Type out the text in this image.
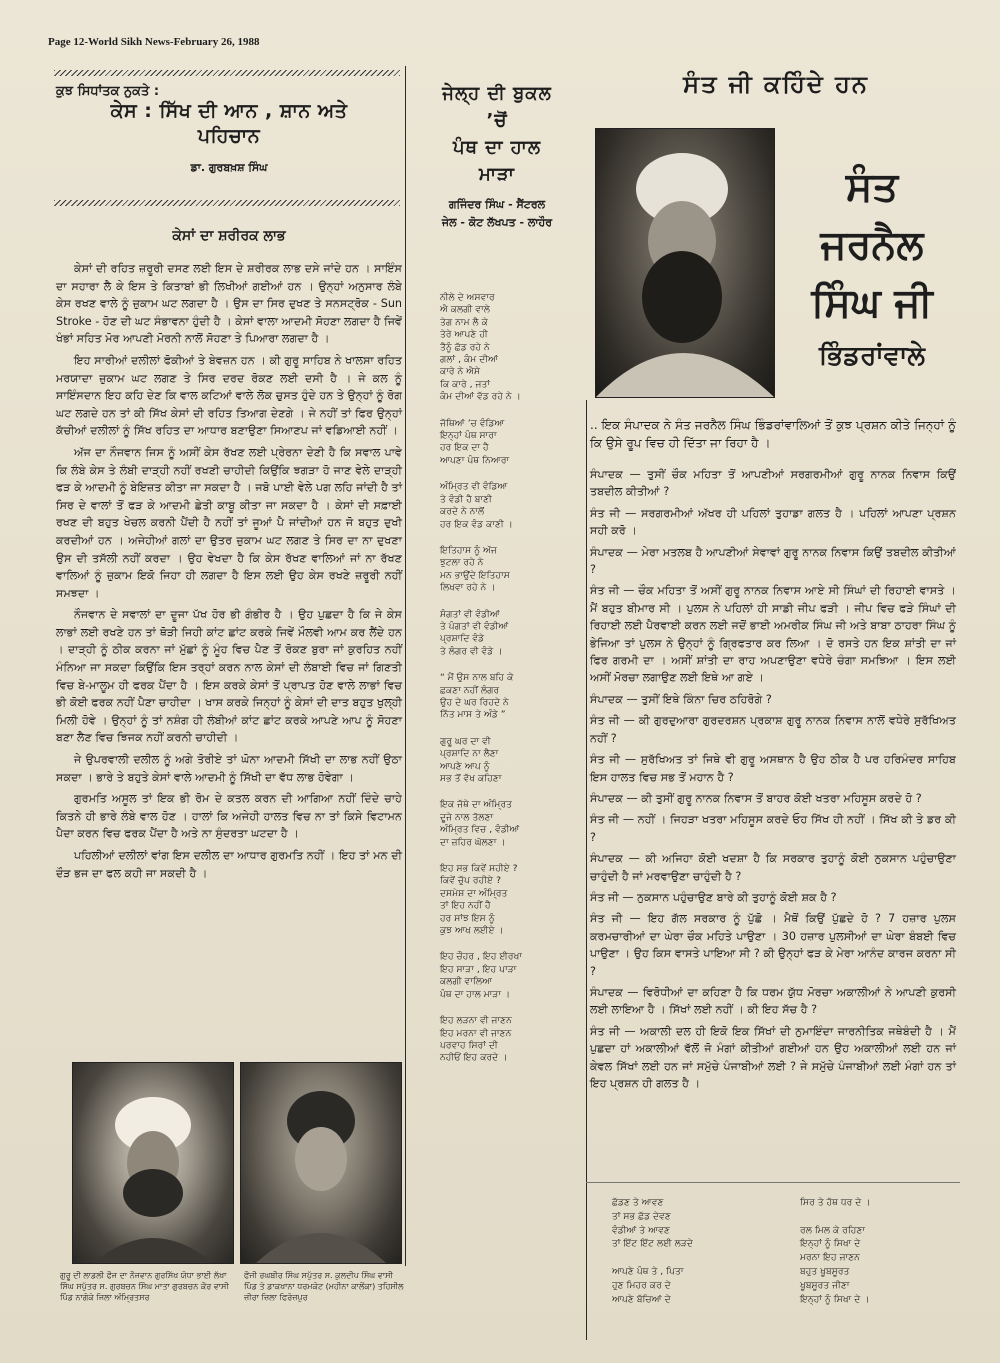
Page 12-World Sikh News-February 26, 1988
ਕੁਝ ਸਿਧਾਂਤਕ ਨੁਕਤੇ :
ਕੇਸ : ਸਿੱਖ ਦੀ ਆਨ , ਸ਼ਾਨ ਅਤੇ
ਪਹਿਚਾਨ
ਡਾ. ਗੁਰਬਖ਼ਸ਼ ਸਿੰਘ
ਕੇਸਾਂ ਦਾ ਸ਼ਰੀਰਕ ਲਾਭ

ਕੇਸਾਂ ਦੀ ਰਹਿਤ ਜ਼ਰੂਰੀ ਦਸਣ ਲਈ ਇਸ ਦੇ ਸ਼ਰੀਰਕ ਲਾਭ ਦਸੇ ਜਾਂਦੇ ਹਨ । ਸਾਇੰਸ ਦਾ ਸਹਾਰਾ ਲੈ ਕੇ ਇਸ ਤੇ ਕਿਤਾਬਾਂ ਭੀ ਲਿਖੀਆਂ ਗਈਆਂ ਹਨ । ਉਨ੍ਹਾਂ ਅਨੁਸਾਰ ਲੰਬੇ ਕੇਸ ਰਖਣ ਵਾਲੇ ਨੂੰ ਜ਼ੁਕਾਮ ਘਟ ਲਗਦਾ ਹੈ । ਉਸ ਦਾ ਸਿਰ ਦੁਖਣ ਤੇ ਸਨਸਟ੍ਰੋਕ - Sun Stroke - ਹੋਣ ਦੀ ਘਟ ਸੰਭਾਵਨਾ ਹੁੰਦੀ ਹੈ । ਕੇਸਾਂ ਵਾਲਾ ਆਦਮੀ ਸੋਹਣਾ ਲਗਦਾ ਹੈ ਜਿਵੇਂ ਖੰਭਾਂ ਸਹਿਤ ਮੋਰ ਆਪਣੀ ਮੋਰਨੀ ਨਾਲੋਂ ਸੋਹਣਾ ਤੇ ਪਿਆਰਾ ਲਗਦਾ ਹੈ ।

ਇਹ ਸਾਰੀਆਂ ਦਲੀਲਾਂ ਫੋਕੀਆਂ ਤੇ ਬੇਵਜ਼ਨ ਹਨ । ਕੀ ਗੁਰੂ ਸਾਹਿਬ ਨੇ ਖਾਲਸਾ ਰਹਿਤ ਮਰਯਾਦਾ ਜ਼ੁਕਾਮ ਘਟ ਲਗਣ ਤੇ ਸਿਰ ਦਰਦ ਰੋਕਣ ਲਈ ਦਸੀ ਹੈ । ਜੇ ਕਲ ਨੂੰ ਸਾਇੰਸਦਾਨ ਇਹ ਕਹਿ ਦੇਣ ਕਿ ਵਾਲ ਕਟਿਆਂ ਵਾਲੇ ਲੋਕ ਚੁਸਤ ਹੁੰਦੇ ਹਨ ਤੇ ਉਨ੍ਹਾਂ ਨੂੰ ਰੋਗ ਘਟ ਲਗਦੇ ਹਨ ਤਾਂ ਕੀ ਸਿੱਖ ਕੇਸਾਂ ਦੀ ਰਹਿਤ ਤਿਆਗ ਦੇਣਗੇ । ਜੇ ਨਹੀਂ ਤਾਂ ਫਿਰ ਉਨ੍ਹਾਂ ਕੱਚੀਆਂ ਦਲੀਲਾਂ ਨੂੰ ਸਿੱਖ ਰਹਿਤ ਦਾ ਆਧਾਰ ਬਣਾਉਣਾ ਸਿਆਣਪ ਜਾਂ ਵਡਿਆਈ ਨਹੀਂ ।

ਅੱਜ ਦਾ ਨੌਜਵਾਨ ਜਿਸ ਨੂੰ ਅਸੀਂ ਕੇਸ ਰੱਖਣ ਲਈ ਪ੍ਰੇਰਨਾ ਦੇਣੀ ਹੈ ਕਿ ਸਵਾਲ ਪਾਵੇ ਕਿ ਲੰਬੇ ਕੇਸ ਤੇ ਲੰਬੀ ਦਾੜ੍ਹੀ ਨਹੀਂ ਰਖਣੀ ਚਾਹੀਦੀ ਕਿਉਂਕਿ ਝਗੜਾ ਹੋ ਜਾਣ ਵੇਲੇ ਦਾੜ੍ਹੀ ਫੜ ਕੇ ਆਦਮੀ ਨੂੰ ਬੇਇਜ਼ਤ ਕੀਤਾ ਜਾ ਸਕਦਾ ਹੈ । ਜਬੋ ਪਾਈ ਵੇਲੇ ਪਗ ਲਹਿ ਜਾਂਦੀ ਹੈ ਤਾਂ ਸਿਰ ਦੇ ਵਾਲਾਂ ਤੋਂ ਫੜ ਕੇ ਆਦਮੀ ਛੇਤੀ ਕਾਬੂ ਕੀਤਾ ਜਾ ਸਕਦਾ ਹੈ । ਕੇਸਾਂ ਦੀ ਸਫ਼ਾਈ ਰਖਣ ਦੀ ਬਹੁਤ ਖੇਚਲ ਕਰਨੀ ਪੈਂਦੀ ਹੈ ਨਹੀਂ ਤਾਂ ਜੂਆਂ ਪੈ ਜਾਂਦੀਆਂ ਹਨ ਜੋ ਬਹੁਤ ਦੁਖੀ ਕਰਦੀਆਂ ਹਨ । ਅਜੇਹੀਆਂ ਗਲਾਂ ਦਾ ਉਤਰ ਜ਼ੁਕਾਮ ਘਟ ਲਗਣ ਤੇ ਸਿਰ ਦਾ ਨਾ ਦੁਖਣਾ ਉਸ ਦੀ ਤਸੱਲੀ ਨਹੀਂ ਕਰਦਾ । ਉਹ ਵੇਖਦਾ ਹੈ ਕਿ ਕੇਸ ਰੱਖਣ ਵਾਲਿਆਂ ਜਾਂ ਨਾ ਰੱਖਣ ਵਾਲਿਆਂ ਨੂੰ ਜ਼ੁਕਾਮ ਇਕੋ ਜਿਹਾ ਹੀ ਲਗਦਾ ਹੈ ਇਸ ਲਈ ਉਹ ਕੇਸ ਰਖਣੇ ਜ਼ਰੂਰੀ ਨਹੀਂ ਸਮਝਦਾ ।

ਨੌਜਵਾਨ ਦੇ ਸਵਾਲਾਂ ਦਾ ਦੂਜਾ ਪੱਖ ਹੋਰ ਭੀ ਗੰਭੀਰ ਹੈ । ਉਹ ਪੁਛਦਾ ਹੈ ਕਿ ਜੇ ਕੇਸ ਲਾਭਾਂ ਲਈ ਰਖਣੇ ਹਨ ਤਾਂ ਥੋੜੀ ਜਿਹੀ ਕਾਂਟ ਛਾਂਟ ਕਰਕੇ ਜਿਵੇਂ ਮੌਲਵੀ ਆਮ ਕਰ ਲੈਂਦੇ ਹਨ । ਦਾੜ੍ਹੀ ਨੂੰ ਠੀਕ ਕਰਨਾ ਜਾਂ ਮੁੱਛਾਂ ਨੂੰ ਮੂੰਹ ਵਿਚ ਪੈਣ ਤੋਂ ਰੋਕਣ ਬੁਰਾ ਜਾਂ ਕੁਰਹਿਤ ਨਹੀਂ ਮੰਨਿਆ ਜਾ ਸਕਦਾ ਕਿਉਂਕਿ ਇਸ ਤਰ੍ਹਾਂ ਕਰਨ ਨਾਲ ਕੇਸਾਂ ਦੀ ਲੰਬਾਈ ਵਿਚ ਜਾਂ ਗਿਣਤੀ ਵਿਚ ਬੇ-ਮਾਲੂਮ ਹੀ ਫਰਕ ਪੈਂਦਾ ਹੈ । ਇਸ ਕਰਕੇ ਕੇਸਾਂ ਤੋਂ ਪ੍ਰਾਪਤ ਹੋਣ ਵਾਲੇ ਲਾਭਾਂ ਵਿਚ ਭੀ ਕੋਈ ਫਰਕ ਨਹੀਂ ਪੈਣਾ ਚਾਹੀਦਾ । ਖਾਸ ਕਰਕੇ ਜਿਨ੍ਹਾਂ ਨੂੰ ਕੇਸਾਂ ਦੀ ਦਾਤ ਬਹੁਤ ਖੁਲ੍ਹੀ ਮਿਲੀ ਹੋਵੇ । ਉਨ੍ਹਾਂ ਨੂੰ ਤਾਂ ਨਸ਼ੰਗ ਹੀ ਲੰਬੀਆਂ ਕਾਂਟ ਛਾਂਟ ਕਰਕੇ ਆਪਣੇ ਆਪ ਨੂੰ ਸੋਹਣਾ ਬਣਾ ਲੈਣ ਵਿਚ ਝਿਜਕ ਨਹੀਂ ਕਰਨੀ ਚਾਹੀਦੀ ।

ਜੇ ਉਪਰਵਾਲੀ ਦਲੀਲ ਨੂੰ ਅਗੇ ਤੋਰੀਏ ਤਾਂ ਘੋਨਾ ਆਦਮੀ ਸਿੱਖੀ ਦਾ ਲਾਭ ਨਹੀਂ ਉਠਾ ਸਕਦਾ । ਭਾਰੇ ਤੇ ਬਹੁਤੇ ਕੇਸਾਂ ਵਾਲੇ ਆਦਮੀ ਨੂੰ ਸਿੱਖੀ ਦਾ ਵੱਧ ਲਾਭ ਹੋਵੇਗਾ ।

ਗੁਰਮਤਿ ਅਸੂਲ ਤਾਂ ਇਕ ਭੀ ਰੋਮ ਦੇ ਕਤਲ ਕਰਨ ਦੀ ਆਗਿਆ ਨਹੀਂ ਦਿੰਦੇ ਚਾਹੇ ਕਿਤਨੇ ਹੀ ਭਾਰੇ ਲੰਬੇ ਵਾਲ ਹੋਣ । ਹਾਲਾਂ ਕਿ ਅਜੇਹੀ ਹਾਲਤ ਵਿਚ ਨਾ ਤਾਂ ਕਿਸੇ ਵਿਟਾਮਨ ਪੈਦਾ ਕਰਨ ਵਿਚ ਫਰਕ ਪੈਂਦਾ ਹੈ ਅਤੇ ਨਾ ਸੁੰਦਰਤਾ ਘਟਦਾ ਹੈ ।

ਪਹਿਲੀਆਂ ਦਲੀਲਾਂ ਵਾਂਗ ਇਸ ਦਲੀਲ ਦਾ ਆਧਾਰ ਗੁਰਮਤਿ ਨਹੀਂ । ਇਹ ਤਾਂ ਮਨ ਦੀ ਦੌੜ ਭਜ ਦਾ ਫਲ ਕਹੀ ਜਾ ਸਕਦੀ ਹੈ ।

ਗੁਰੂ ਦੀ ਲਾਡਲੀ ਫੌਜ ਦਾ ਨੌਜਵਾਨ ਗੁਰਸਿੱਖ ਯੋਧਾ ਭਾਈ ਲੱਖਾ ਸਿੰਘ ਸਪੁੱਤਰ ਸ. ਗੁਰਬਚਨ ਸਿੰਘ ਮਾਤਾ ਗੁਰਬਚਨ ਕੌਰ ਵਾਸੀ ਪਿੰਡ ਨਾਗੋਕੇ ਜਿਲਾ ਅੰਮ੍ਰਿਤਸਰ
ਫੌਜੀ ਰਘਬੀਰ ਸਿੰਘ ਸਪੁੱਤਰ ਸ. ਕੁਲਦੀਪ ਸਿੰਘ ਵਾਸੀ ਪਿੰਡ ਤੇ ਡਾਕਖਾਨਾ ਧਰਮਕੋਟ (ਮਹੀਨਾ ਕਾਲੋਂਕਾ) ਤਹਿਸੀਲ ਜ਼ੀਰਾ ਜ਼ਿਲਾ ਫਿਰੋਜ਼ਪੁਰ
ਜੇਲ੍ਹ ਦੀ ਬੁਕਲ
’ਚੋਂ
ਪੰਥ ਦਾ ਹਾਲ
ਮਾੜਾ
ਗਜਿੰਦਰ ਸਿੰਘ - ਸੈਂਟਰਲ
ਜੇਲ - ਕੋਟ ਲੱਖਪਤ - ਲਾਹੌਰ

ਨੀਲੇ ਦੇ ਅਸਵਾਰ
ਐ ਕਲਗੀ ਵਾਲੇ
ਤੇਗ ਨਾਮ ਲੈ ਕੇ
ਤੇਰੇ ਆਪਣੇ ਹੀ
ਤੈਨੂੰ ਛੱਡ ਰਹੇ ਨੇ
ਗਲਾਂ , ਕੰਮ ਦੀਆਂ
ਕਾਰੇ ਨੇ ਐਸੇ
ਕਿ ਕਾਰੇ , ਜਤਾਂ
ਕੰਮ ਦੀਆਂ ਵੱਡ ਰਹੇ ਨੇ ।

ਜੱਥਿਆਂ ’ਚ ਵੰਡਿਆ
ਇਨ੍ਹਾਂ ਪੰਥ ਸਾਰਾ
ਹਰ ਇਕ ਦਾ ਹੈ
ਆਪਣਾ ਪੰਥ ਨਿਆਰਾ

ਅੰਮ੍ਰਿਤ ਵੀ ਵੰਡਿਆ
ਤੇ ਵੰਡੀ ਹੈ ਬਾਣੀ
ਕਰਦੇ ਨੇ ਨਾਲੋਂ
ਹਰ ਇਕ ਵੰਡ ਕਾਣੀ ।

ਇਤਿਹਾਸ ਨੂੰ ਅੱਜ
ਝੁਟਲਾ ਰਹੇ ਨੇ
ਮਨ ਭਾਉਂਦੇ ਇਤਿਹਾਸ
ਲਿਖਵਾ ਰਹੇ ਨੇ ।

ਸੰਗਤਾਂ ਵੀ ਵੰਡੀਆਂ
ਤੇ ਪੰਗਤਾਂ ਵੀ ਵੰਡੀਆਂ
ਪ੍ਰਸ਼ਾਦਿ ਵੰਡੇ
ਤੇ ਲੰਗਰ ਵੀ ਵੰਡੇ ।

“ ਮੈਂ ਉਸ ਨਾਲ ਬਹਿ ਕੇ
ਛਕਣਾ ਨਹੀਂ ਲੰਗਰ
ਉਹ ਦੇ ਘਰ ਰਿਹਦੇ ਨੇ
ਨਿੱਤ ਮਾਸ ਤੇ ਅੰਡੇ ”

ਗੁਰੂ ਘਰ ਦਾ ਵੀ
ਪ੍ਰਸ਼ਾਦਿ ਨਾ ਲੈਣਾ
ਆਪਣੇ ਆਪ ਨੂੰ
ਸਭ ਤੋਂ ਵੱਖ ਕਹਿਣਾ

ਇਕ ਜੱਥੇ ਦਾ ਅੰਮ੍ਰਿਤ
ਦੂਜੇ ਨਾਲ ਤੋਲਣਾ
ਅੰਮ੍ਰਿਤ ਵਿਚ , ਵੰਡੀਆਂ
ਦਾ ਜ਼ਹਿਰ ਘੋਲਣਾ ।

ਇਹ ਸਭ ਕਿਵੇਂ ਸਹੀਏ ?
ਕਿਵੇਂ ਚੁੱਪ ਰਹੀਏ ?
ਦਸਮੇਸ਼ ਦਾ ਅੰਮ੍ਰਿਤ
ਤਾਂ ਇਹ ਨਹੀਂ ਹੈ
ਹਰ ਸਾਂਝ ਇਸ ਨੂੰ
ਕੁਝ ਆਖ ਲਈਏ ।

ਇਹ ਚੌਹਰ , ਇਹ ਈਰਖਾ
ਇਹ ਸਾੜਾ , ਇਹ ਪਾੜਾ
ਕਲਗੀ ਵਾਲਿਆ
ਪੰਥ ਦਾ ਹਾਲ ਮਾੜਾ ।

ਇਹ ਲੜਨਾ ਵੀ ਜਾਣਨ
ਇਹ ਮਰਨਾ ਵੀ ਜਾਣਨ
ਪਰਵਾਹ ਸਿਰਾਂ ਦੀ
ਨਹੀਓਂ ਇਹ ਕਰਦੇ ।

ਸੰਤ ਜੀ ਕਹਿੰਦੇ ਹਨ
ਸੰਤ
ਜਰਨੈਲ
ਸਿੰਘ ਜੀ
ਭਿੰਡਰਾਂਵਾਲੇ

.. ਇਕ ਸੰਪਾਦਕ ਨੇ ਸੰਤ ਜਰਨੈਲ ਸਿੰਘ ਭਿੰਡਰਾਂਵਾਲਿਆਂ ਤੋਂ ਕੁਝ ਪ੍ਰਸ਼ਨ ਕੀਤੇ ਜਿਨ੍ਹਾਂ ਨੂੰ ਕਿ ਉਸੇ ਰੂਪ ਵਿਚ ਹੀ ਦਿੱਤਾ ਜਾ ਰਿਹਾ ਹੈ ।

ਸੰਪਾਦਕ — ਤੁਸੀਂ ਚੌਕ ਮਹਿਤਾ ਤੋਂ ਆਪਣੀਆਂ ਸਰਗਰਮੀਆਂ ਗੁਰੂ ਨਾਨਕ ਨਿਵਾਸ ਕਿਉਂ ਤਬਦੀਲ ਕੀਤੀਆਂ ?

ਸੰਤ ਜੀ — ਸਰਗਰਮੀਆਂ ਅੱਖਰ ਹੀ ਪਹਿਲਾਂ ਤੁਹਾਡਾ ਗਲਤ ਹੈ । ਪਹਿਲਾਂ ਆਪਣਾ ਪ੍ਰਸ਼ਨ ਸਹੀ ਕਰੋ ।

ਸੰਪਾਦਕ — ਮੇਰਾ ਮਤਲਬ ਹੈ ਆਪਣੀਆਂ ਸੇਵਾਵਾਂ ਗੁਰੂ ਨਾਨਕ ਨਿਵਾਸ ਕਿਉਂ ਤਬਦੀਲ ਕੀਤੀਆਂ ?

ਸੰਤ ਜੀ — ਚੌਕ ਮਹਿਤਾ ਤੋਂ ਅਸੀਂ ਗੁਰੂ ਨਾਨਕ ਨਿਵਾਸ ਆਏ ਸੀ ਸਿੰਘਾਂ ਦੀ ਰਿਹਾਈ ਵਾਸਤੇ । ਮੈਂ ਬਹੁਤ ਬੀਮਾਰ ਸੀ । ਪੁਲਸ ਨੇ ਪਹਿਲਾਂ ਹੀ ਸਾਡੀ ਜੀਪ ਫੜੀ । ਜੀਪ ਵਿਚ ਫੜੇ ਸਿੰਘਾਂ ਦੀ ਰਿਹਾਈ ਲਈ ਪੈਰਵਾਈ ਕਰਨ ਲਈ ਜਦੋਂ ਭਾਈ ਅਮਰੀਕ ਸਿੰਘ ਜੀ ਅਤੇ ਬਾਬਾ ਠਾਹਰਾ ਸਿੰਘ ਨੂੰ ਭੇਜਿਆ ਤਾਂ ਪੁਲਸ ਨੇ ਉਨ੍ਹਾਂ ਨੂੰ ਗ੍ਰਿਫਤਾਰ ਕਰ ਲਿਆ । ਦੋ ਰਸਤੇ ਹਨ ਇਕ ਸ਼ਾਂਤੀ ਦਾ ਜਾਂ ਫਿਰ ਗਰਮੀ ਦਾ । ਅਸੀਂ ਸ਼ਾਂਤੀ ਦਾ ਰਾਹ ਅਪਣਾਉਣਾ ਵਧੇਰੇ ਚੰਗਾ ਸਮਝਿਆ । ਇਸ ਲਈ ਅਸੀਂ ਮੋਰਚਾ ਲਗਾਉਣ ਲਈ ਇਥੇ ਆ ਗਏ ।

ਸੰਪਾਦਕ — ਤੁਸੀਂ ਇਥੇ ਕਿੰਨਾ ਚਿਰ ਠਹਿਰੋਗੇ ?

ਸੰਤ ਜੀ — ਕੀ ਗੁਰਦੁਆਰਾ ਗੁਰਦਰਸ਼ਨ ਪ੍ਰਕਾਸ਼ ਗੁਰੂ ਨਾਨਕ ਨਿਵਾਸ ਨਾਲੋਂ ਵਧੇਰੇ ਸੁਰੱਖਿਅਤ ਨਹੀਂ ?

ਸੰਤ ਜੀ — ਸੁਰੱਖਿਅਤ ਤਾਂ ਜਿਥੇ ਵੀ ਗੁਰੂ ਅਸਥਾਨ ਹੈ ਉਹ ਠੀਕ ਹੈ ਪਰ ਹਰਿਮੰਦਰ ਸਾਹਿਬ ਇਸ ਹਾਲਤ ਵਿਚ ਸਭ ਤੋਂ ਮਹਾਨ ਹੈ ?

ਸੰਪਾਦਕ — ਕੀ ਤੁਸੀਂ ਗੁਰੂ ਨਾਨਕ ਨਿਵਾਸ ਤੋਂ ਬਾਹਰ ਕੋਈ ਖਤਰਾ ਮਹਿਸੂਸ ਕਰਦੇ ਹੋ ?

ਸੰਤ ਜੀ — ਨਹੀਂ । ਜਿਹੜਾ ਖਤਰਾ ਮਹਿਸੂਸ ਕਰਦੇ ਓਹ ਸਿੱਖ ਹੀ ਨਹੀਂ । ਸਿੱਖ ਕੀ ਤੇ ਡਰ ਕੀ ?

ਸੰਪਾਦਕ — ਕੀ ਅਜਿਹਾ ਕੋਈ ਖਦਸ਼ਾ ਹੈ ਕਿ ਸਰਕਾਰ ਤੁਹਾਨੂੰ ਕੋਈ ਨੁਕਸਾਨ ਪਹੁੰਚਾਉਣਾ ਚਾਹੁੰਦੀ ਹੈ ਜਾਂ ਮਰਵਾਉਣਾ ਚਾਹੁੰਦੀ ਹੈ ?

ਸੰਤ ਜੀ — ਨੁਕਸਾਨ ਪਹੁੰਚਾਉਣ ਬਾਰੇ ਕੀ ਤੁਹਾਨੂੰ ਕੋਈ ਸ਼ਕ ਹੈ ?

ਸੰਤ ਜੀ — ਇਹ ਗੱਲ ਸਰਕਾਰ ਨੂੰ ਪੁੱਛੋ । ਮੈਥੋਂ ਕਿਉਂ ਪੁੱਛਦੇ ਹੋ ? 7 ਹਜ਼ਾਰ ਪੁਲਸ ਕਰਮਚਾਰੀਆਂ ਦਾ ਘੇਰਾ ਚੌਕ ਮਹਿਤੇ ਪਾਉਣਾ । 30 ਹਜ਼ਾਰ ਪੁਲਸੀਆਂ ਦਾ ਘੇਰਾ ਬੰਬਈ ਵਿਚ ਪਾਉਣਾ । ਉਹ ਕਿਸ ਵਾਸਤੇ ਪਾਇਆ ਸੀ ? ਕੀ ਉਨ੍ਹਾਂ ਫੜ ਕੇ ਮੇਰਾ ਆਨੰਦ ਕਾਰਜ ਕਰਨਾ ਸੀ ?

ਸੰਪਾਦਕ — ਵਿਰੋਧੀਆਂ ਦਾ ਕਹਿਣਾ ਹੈ ਕਿ ਧਰਮ ਯੁੱਧ ਮੋਰਚਾ ਅਕਾਲੀਆਂ ਨੇ ਆਪਣੀ ਕੁਰਸੀ ਲਈ ਲਾਇਆ ਹੈ । ਸਿੱਖਾਂ ਲਈ ਨਹੀਂ । ਕੀ ਇਹ ਸੱਚ ਹੈ ?

ਸੰਤ ਜੀ — ਅਕਾਲੀ ਦਲ ਹੀ ਇਕੋ ਇਕ ਸਿੱਖਾਂ ਦੀ ਨੁਮਾਇੰਦਾ ਜਾਰਨੀਤਿਕ ਜਥੇਬੰਦੀ ਹੈ । ਮੈਂ ਪੁਛਦਾ ਹਾਂ ਅਕਾਲੀਆਂ ਵੱਲੋਂ ਜੋ ਮੰਗਾਂ ਕੀਤੀਆਂ ਗਈਆਂ ਹਨ ਉਹ ਅਕਾਲੀਆਂ ਲਈ ਹਨ ਜਾਂ ਕੇਵਲ ਸਿੱਖਾਂ ਲਈ ਹਨ ਜਾਂ ਸਮੁੱਚੇ ਪੰਜਾਬੀਆਂ ਲਈ ? ਜੇ ਸਮੁੱਚੇ ਪੰਜਾਬੀਆਂ ਲਈ ਮੰਗਾਂ ਹਨ ਤਾਂ ਇਹ ਪ੍ਰਸ਼ਨ ਹੀ ਗਲਤ ਹੈ ।

ਛੱਡਣ ਤੇ ਆਵਣ
ਤਾਂ ਸਭ ਛੱਡ ਦੇਵਣ
ਵੰਡੀਆਂ ਤੇ ਆਵਣ
ਤਾਂ ਇੱਟ ਇੱਟ ਲਈ ਲੜਦੇ

ਆਪਣੇ ਪੰਥ ਤੇ , ਪਿਤਾ
ਹੁਣ ਮਿਹਰ ਕਰ ਦੇ
ਆਪਣੇ ਬੱਚਿਆਂ ਦੇ

ਸਿਰ ਤੇ ਹੱਥ ਧਰ ਦੇ ।

ਰਲ ਮਿਲ ਕੇ ਰਹਿਣਾ
ਇਨ੍ਹਾਂ ਨੂੰ ਸਿਖਾ ਦੇ
ਮਰਨਾ ਇਹ ਜਾਣਨ
ਬਹੁਤ ਖੂਬਸੂਰਤ
ਖੂਬਸੂਰਤ ਜੀਣਾ
ਇਨ੍ਹਾਂ ਨੂੰ ਸਿਖਾ ਦੇ ।
